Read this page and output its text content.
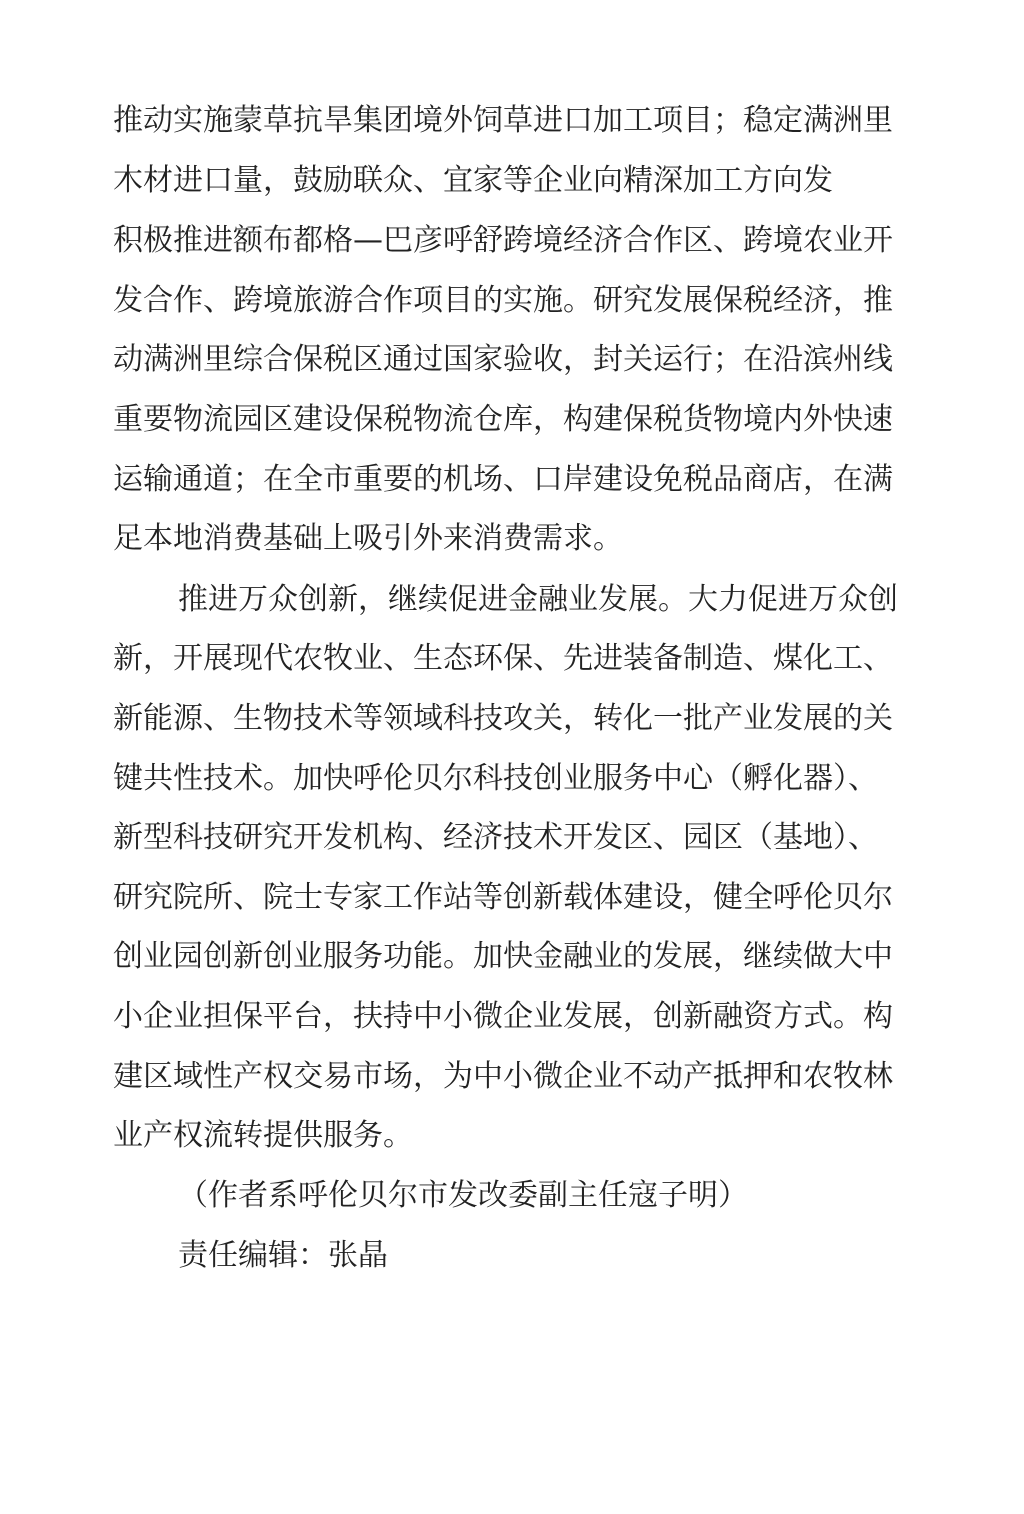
推动实施蒙草抗旱集团境外饲草进口加工项目；稳定满洲里
木材进口量，鼓励联众、宜家等企业向精深加工方向发
积极推进额布都格—巴彦呼舒跨境经济合作区、跨境农业开
发合作、跨境旅游合作项目的实施。研究发展保税经济，推
动满洲里综合保税区通过国家验收，封关运行；在沿滨州线
重要物流园区建设保税物流仓库，构建保税货物境内外快速
运输通道；在全市重要的机场、口岸建设免税品商店，在满
足本地消费基础上吸引外来消费需求。
推进万众创新，继续促进金融业发展。大力促进万众创
新，开展现代农牧业、生态环保、先进装备制造、煤化工、
新能源、生物技术等领域科技攻关，转化一批产业发展的关
键共性技术。加快呼伦贝尔科技创业服务中心（孵化器）、
新型科技研究开发机构、经济技术开发区、园区（基地）、
研究院所、院士专家工作站等创新载体建设，健全呼伦贝尔
创业园创新创业服务功能。加快金融业的发展，继续做大中
小企业担保平台，扶持中小微企业发展，创新融资方式。构
建区域性产权交易市场，为中小微企业不动产抵押和农牧林
业产权流转提供服务。
（作者系呼伦贝尔市发改委副主任寇子明）
责任编辑：张晶
